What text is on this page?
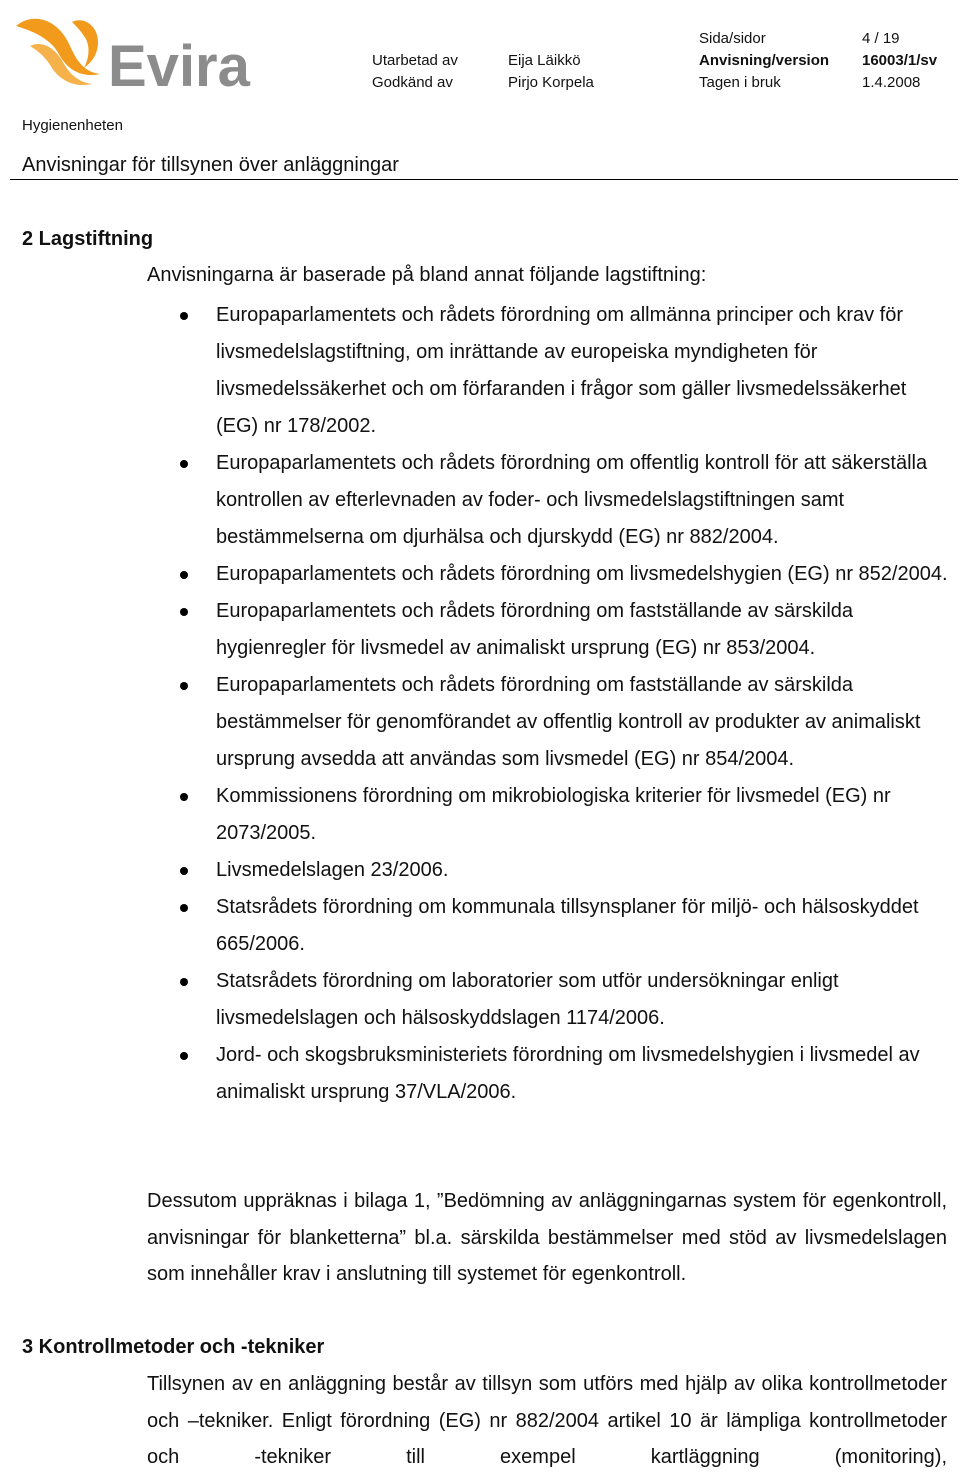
Evira	Sida/sidor	4 / 19
Utarbetad av	Eija Läikkö	Anvisning/version 16003/1/sv
Godkänd av	Pirjo Korpela	Tagen i bruk	1.4.2008
Hygienenheten
Anvisningar för tillsynen över anläggningar
2 Lagstiftning
Anvisningarna är baserade på bland annat följande lagstiftning:
Europaparlamentets och rådets förordning om allmänna principer och krav för livsmedelslagstiftning, om inrättande av europeiska myndigheten för livsmedelssäkerhet och om förfaranden i frågor som gäller livsmedelssäkerhet (EG) nr 178/2002.
Europaparlamentets och rådets förordning om offentlig kontroll för att säkerställa kontrollen av efterlevnaden av foder- och livsmedelslagstiftningen samt bestämmelserna om djurhälsa och djurskydd (EG) nr 882/2004.
Europaparlamentets och rådets förordning om livsmedelshygien (EG) nr 852/2004.
Europaparlamentets och rådets förordning om fastställande av särskilda hygienregler för livsmedel av animaliskt ursprung (EG) nr 853/2004.
Europaparlamentets och rådets förordning om fastställande av särskilda bestämmelser för genomförandet av offentlig kontroll av produkter av animaliskt ursprung avsedda att användas som livsmedel (EG) nr 854/2004.
Kommissionens förordning om mikrobiologiska kriterier för livsmedel (EG) nr 2073/2005.
Livsmedelslagen 23/2006.
Statsrådets förordning om kommunala tillsynsplaner för miljö- och hälsoskyddet 665/2006.
Statsrådets förordning om laboratorier som utför undersökningar enligt livsmedelslagen och hälsoskyddslagen 1174/2006.
Jord- och skogsbruksministeriets förordning om livsmedelshygien i livsmedel av animaliskt ursprung 37/VLA/2006.

Dessutom uppräknas i bilaga 1, ”Bedömning av anläggningarnas system för egenkontroll, anvisningar för blanketterna” bl.a. särskilda bestämmelser med stöd av livsmedelslagen som innehåller krav i anslutning till systemet för egenkontroll.

3 Kontrollmetoder och -tekniker

Tillsynen av en anläggning består av tillsyn som utförs med hjälp av olika kontrollmetoder och –tekniker. Enligt förordning (EG) nr 882/2004 artikel 10 är lämpliga kontrollmetoder och -tekniker till exempel kartläggning (monitoring),
